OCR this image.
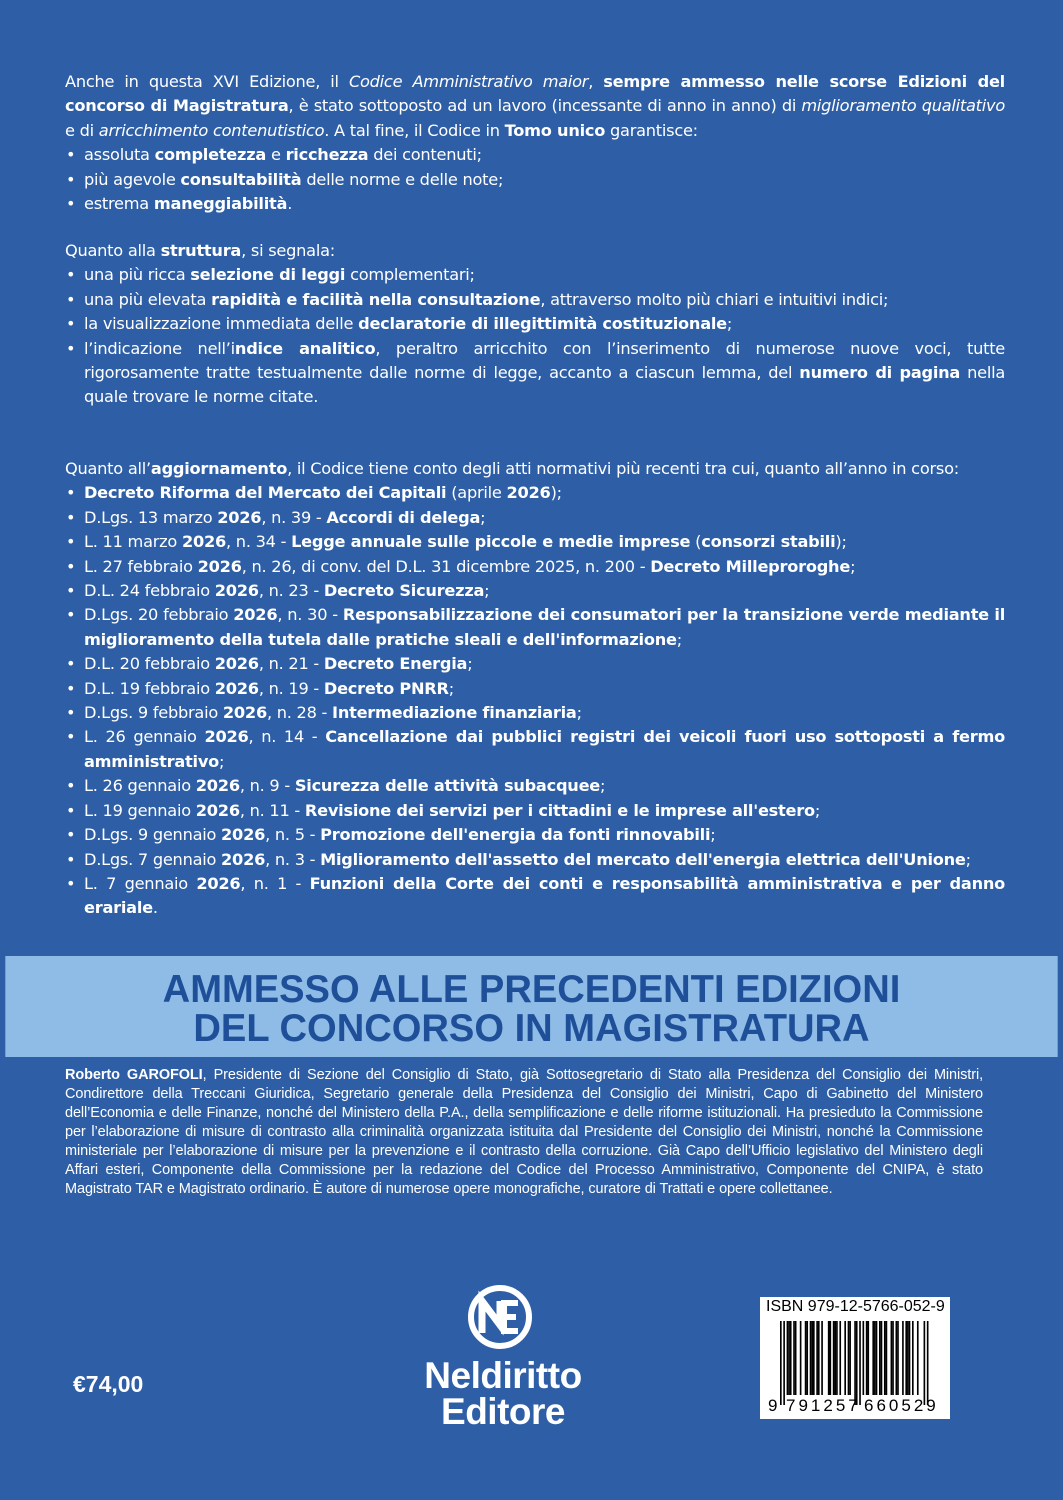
Anche in questa XVI Edizione, il Codice Amministrativo maior, sempre ammesso nelle scorse Edizioni del concorso di Magistratura, è stato sottoposto ad un lavoro (incessante di anno in anno) di miglioramento qualitativo e di arricchimento contenutistico. A tal fine, il Codice in Tomo unico garantisce:

• assoluta completezza e ricchezza dei contenuti;
• più agevole consultabilità delle norme e delle note;
• estrema maneggiabilità.

Quanto alla struttura, si segnala:

• una più ricca selezione di leggi complementari;
• una più elevata rapidità e facilità nella consultazione, attraverso molto più chiari e intuitivi indici;
• la visualizzazione immediata delle declaratorie di illegittimità costituzionale;
• l’indicazione nell’indice analitico, peraltro arricchito con l’inserimento di numerose nuove voci, tutte rigorosamente tratte testualmente dalle norme di legge, accanto a ciascun lemma, del numero di pagina nella quale trovare le norme citate.

Quanto all’aggiornamento, il Codice tiene conto degli atti normativi più recenti tra cui, quanto all’anno in corso:

• Decreto Riforma del Mercato dei Capitali (aprile 2026);
• D.Lgs. 13 marzo 2026, n. 39 - Accordi di delega;
• L. 11 marzo 2026, n. 34 - Legge annuale sulle piccole e medie imprese (consorzi stabili);
• L. 27 febbraio 2026, n. 26, di conv. del D.L. 31 dicembre 2025, n. 200 - Decreto Milleproroghe;
• D.L. 24 febbraio 2026, n. 23 - Decreto Sicurezza;
• D.Lgs. 20 febbraio 2026, n. 30 - Responsabilizzazione dei consumatori per la transizione verde mediante il miglioramento della tutela dalle pratiche sleali e dell'informazione;
• D.L. 20 febbraio 2026, n. 21 - Decreto Energia;
• D.L. 19 febbraio 2026, n. 19 - Decreto PNRR;
• D.Lgs. 9 febbraio 2026, n. 28 - Intermediazione finanziaria;
• L. 26 gennaio 2026, n. 14 - Cancellazione dai pubblici registri dei veicoli fuori uso sottoposti a fermo amministrativo;
• L. 26 gennaio 2026, n. 9 - Sicurezza delle attività subacquee;
• L. 19 gennaio 2026, n. 11 - Revisione dei servizi per i cittadini e le imprese all'estero;
• D.Lgs. 9 gennaio 2026, n. 5 - Promozione dell'energia da fonti rinnovabili;
• D.Lgs. 7 gennaio 2026, n. 3 - Miglioramento dell'assetto del mercato dell'energia elettrica dell'Unione;
• L. 7 gennaio 2026, n. 1 - Funzioni della Corte dei conti e responsabilità amministrativa e per danno erariale.
AMMESSO ALLE PRECEDENTI EDIZIONI
DEL CONCORSO IN MAGISTRATURA
Roberto GAROFOLI, Presidente di Sezione del Consiglio di Stato, già Sottosegretario di Stato alla Presidenza del Consiglio dei Ministri, Condirettore della Treccani Giuridica, Segretario generale della Presidenza del Consiglio dei Ministri, Capo di Gabinetto del Ministero dell’Economia e delle Finanze, nonché del Ministero della P.A., della semplificazione e delle riforme istituzionali. Ha presieduto la Commissione per l’elaborazione di misure di contrasto alla criminalità organizzata istituita dal Presidente del Consiglio dei Ministri, nonché la Commissione ministeriale per l’elaborazione di misure per la prevenzione e il contrasto della corruzione. Già Capo dell’Ufficio legislativo del Ministero degli Affari esteri, Componente della Commissione per la redazione del Codice del Processo Amministrativo, Componente del CNIPA, è stato Magistrato TAR e Magistrato ordinario. È autore di numerose opere monografiche, curatore di Trattati e opere collettanee.
€74,00	Neldiritto
Editore
ISBN 979-12-5766-052-9
9 791257 660529
